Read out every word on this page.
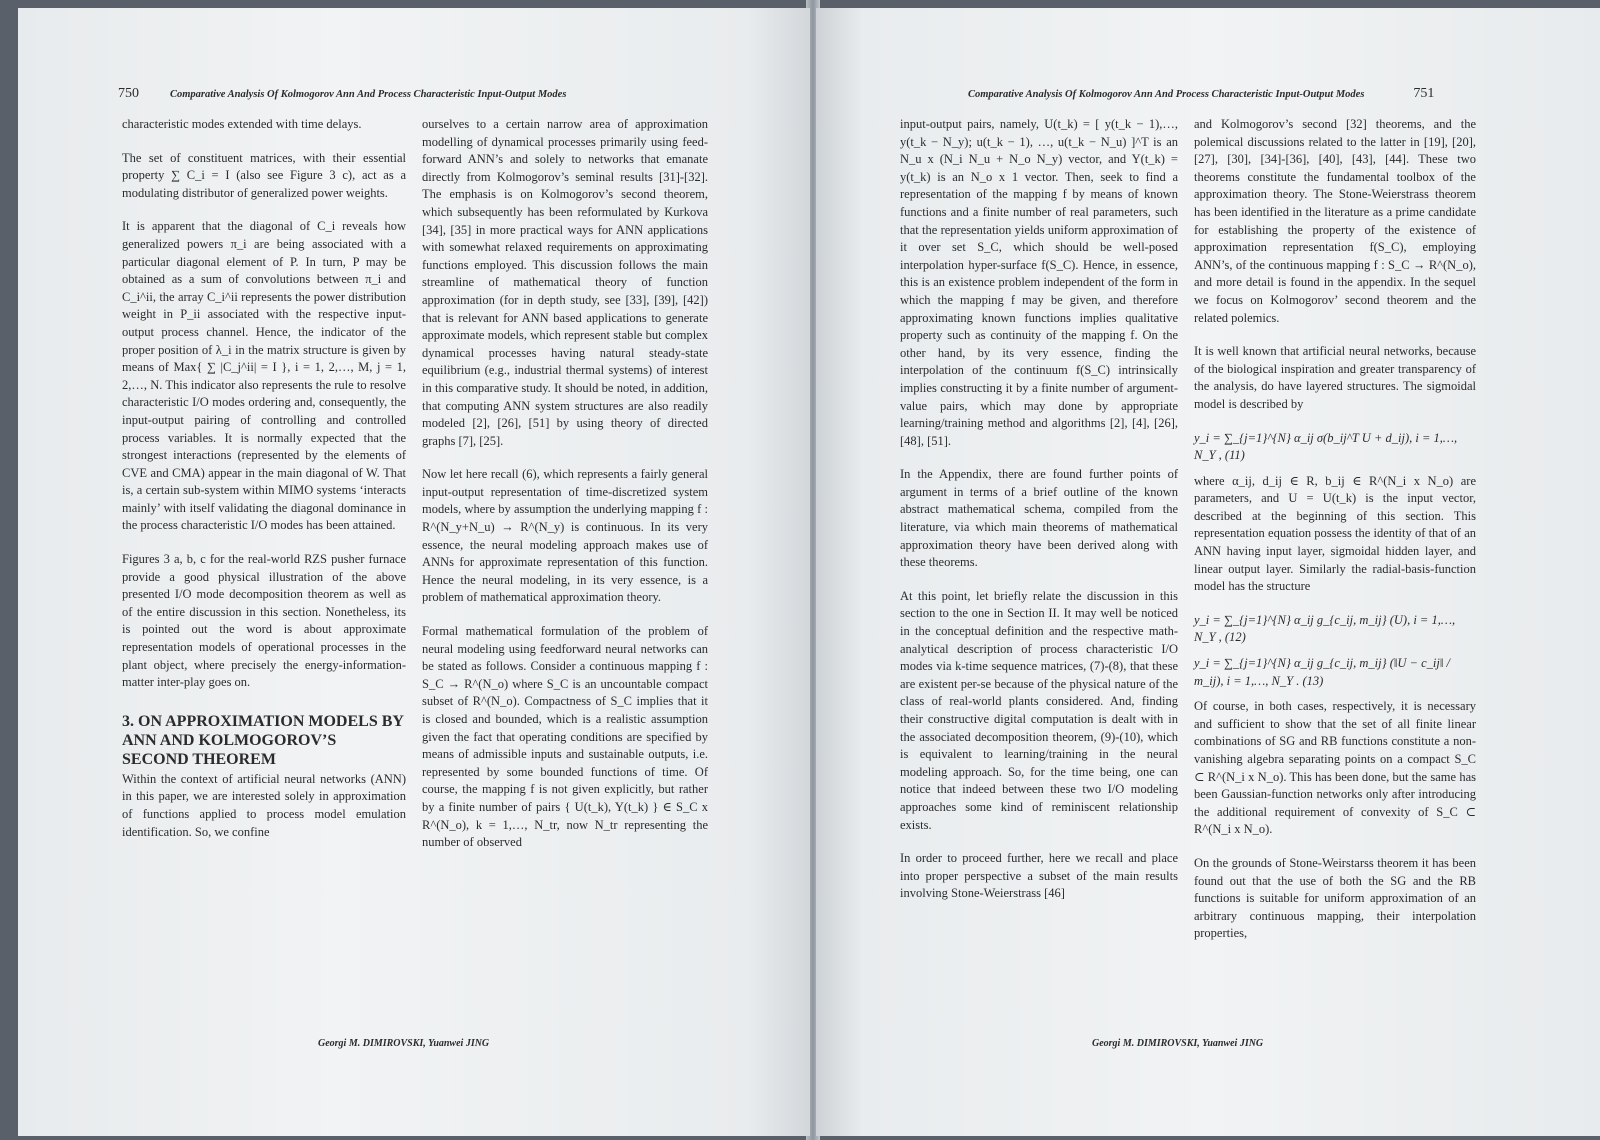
750	Comparative Analysis Of Kolmogorov Ann And Process Characteristic Input-Output Modes

characteristic modes extended with time delays.

The set of constituent matrices, with their essential property ∑ C_i = I (also see Figure 3 c), act as a modulating distributor of generalized power weights.

It is apparent that the diagonal of C_i reveals how generalized powers π_i are being associated with a particular diagonal element of P. In turn, P may be obtained as a sum of convolutions between π_i and C_i^ii, the array C_i^ii represents the power distribution weight in P_ii associated with the respective input-output process channel. Hence, the indicator of the proper position of λ_i in the matrix structure is given by means of Max{ ∑ |C_j^ii| = I }, i = 1, 2,…, M, j = 1, 2,…, N. This indicator also represents the rule to resolve characteristic I/O modes ordering and, consequently, the input-output pairing of controlling and controlled process variables. It is normally expected that the strongest interactions (represented by the elements of CVE and CMA) appear in the main diagonal of W. That is, a certain sub-system within MIMO systems ‘interacts mainly’ with itself validating the diagonal dominance in the process characteristic I/O modes has been attained.

Figures 3 a, b, c for the real-world RZS pusher furnace provide a good physical illustration of the above presented I/O mode decomposition theorem as well as of the entire discussion in this section. Nonetheless, its is pointed out the word is about approximate representation models of operational processes in the plant object, where precisely the energy-information-matter inter-play goes on.

3. ON APPROXIMATION MODELS BY ANN AND KOLMOGOROV’S SECOND THEOREM

Within the context of artificial neural networks (ANN) in this paper, we are interested solely in approximation of functions applied to process model emulation identification. So, we confine

ourselves to a certain narrow area of approximation modelling of dynamical processes primarily using feed-forward ANN’s and solely to networks that emanate directly from Kolmogorov’s seminal results [31]-[32]. The emphasis is on Kolmogorov’s second theorem, which subsequently has been reformulated by Kurkova [34], [35] in more practical ways for ANN applications with somewhat relaxed requirements on approximating functions employed. This discussion follows the main streamline of mathematical theory of function approximation (for in depth study, see [33], [39], [42]) that is relevant for ANN based applications to generate approximate models, which represent stable but complex dynamical processes having natural steady-state equilibrium (e.g., industrial thermal systems) of interest in this comparative study. It should be noted, in addition, that computing ANN system structures are also readily modeled [2], [26], [51] by using theory of directed graphs [7], [25].

Now let here recall (6), which represents a fairly general input-output representation of time-discretized system models, where by assumption the underlying mapping f : R^(N_y+N_u) → R^(N_y) is continuous. In its very essence, the neural modeling approach makes use of ANNs for approximate representation of this function. Hence the neural modeling, in its very essence, is a problem of mathematical approximation theory.

Formal mathematical formulation of the problem of neural modeling using feedforward neural networks can be stated as follows. Consider a continuous mapping f : S_C → R^(N_o) where S_C is an uncountable compact subset of R^(N_o). Compactness of S_C implies that it is closed and bounded, which is a realistic assumption given the fact that operating conditions are specified by means of admissible inputs and sustainable outputs, i.e. represented by some bounded functions of time. Of course, the mapping f is not given explicitly, but rather by a finite number of pairs { U(t_k), Y(t_k) } ∈ S_C x R^(N_o), k = 1,…, N_tr, now N_tr representing the number of observed

Georgi M. DIMIROVSKI, Yuanwei JING
Comparative Analysis Of Kolmogorov Ann And Process Characteristic Input-Output Modes	751

input-output pairs, namely, U(t_k) = [ y(t_k − 1),…, y(t_k − N_y); u(t_k − 1), …, u(t_k − N_u) ]^T is an N_u x (N_i N_u + N_o N_y) vector, and Y(t_k) = y(t_k) is an N_o x 1 vector. Then, seek to find a representation of the mapping f by means of known functions and a finite number of real parameters, such that the representation yields uniform approximation of it over set S_C, which should be well-posed interpolation hyper-surface f(S_C). Hence, in essence, this is an existence problem independent of the form in which the mapping f may be given, and therefore approximating known functions implies qualitative property such as continuity of the mapping f. On the other hand, by its very essence, finding the interpolation of the continuum f(S_C) intrinsically implies constructing it by a finite number of argument-value pairs, which may done by appropriate learning/training method and algorithms [2], [4], [26], [48], [51].

In the Appendix, there are found further points of argument in terms of a brief outline of the known abstract mathematical schema, compiled from the literature, via which main theorems of mathematical approximation theory have been derived along with these theorems.

At this point, let briefly relate the discussion in this section to the one in Section II. It may well be noticed in the conceptual definition and the respective math-analytical description of process characteristic I/O modes via k-time sequence matrices, (7)-(8), that these are existent per-se because of the physical nature of the class of real-world plants considered. And, finding their constructive digital computation is dealt with in the associated decomposition theorem, (9)-(10), which is equivalent to learning/training in the neural modeling approach. So, for the time being, one can notice that indeed between these two I/O modeling approaches some kind of reminiscent relationship exists.

In order to proceed further, here we recall and place into proper perspective a subset of the main results involving Stone-Weierstrass [46]

and Kolmogorov’s second [32] theorems, and the polemical discussions related to the latter in [19], [20], [27], [30], [34]-[36], [40], [43], [44]. These two theorems constitute the fundamental toolbox of the approximation theory. The Stone-Weierstrass theorem has been identified in the literature as a prime candidate for establishing the property of the existence of approximation representation f(S_C), employing ANN’s, of the continuous mapping f : S_C → R^(N_o), and more detail is found in the appendix. In the sequel we focus on Kolmogorov’ second theorem and the related polemics.

It is well known that artificial neural networks, because of the biological inspiration and greater transparency of the analysis, do have layered structures. The sigmoidal model is described by

y_i = ∑_{j=1}^{N} α_ij σ(b_ij^T U + d_ij), i = 1,…, N_Y , (11)

where α_ij, d_ij ∈ R, b_ij ∈ R^(N_i x N_o) are parameters, and U = U(t_k) is the input vector, described at the beginning of this section. This representation equation possess the identity of that of an ANN having input layer, sigmoidal hidden layer, and linear output layer. Similarly the radial-basis-function model has the structure

y_i = ∑_{j=1}^{N} α_ij g_{c_ij, m_ij} (U), i = 1,…, N_Y , (12)
y_i = ∑_{j=1}^{N} α_ij g_{c_ij, m_ij} (‖U − c_ij‖ / m_ij), i = 1,…, N_Y . (13)

Of course, in both cases, respectively, it is necessary and sufficient to show that the set of all finite linear combinations of SG and RB functions constitute a non-vanishing algebra separating points on a compact S_C ⊂ R^(N_i x N_o). This has been done, but the same has been Gaussian-function networks only after introducing the additional requirement of convexity of S_C ⊂ R^(N_i x N_o).

On the grounds of Stone-Weirstarss theorem it has been found out that the use of both the SG and the RB functions is suitable for uniform approximation of an arbitrary continuous mapping, their interpolation properties,

Georgi M. DIMIROVSKI, Yuanwei JING
